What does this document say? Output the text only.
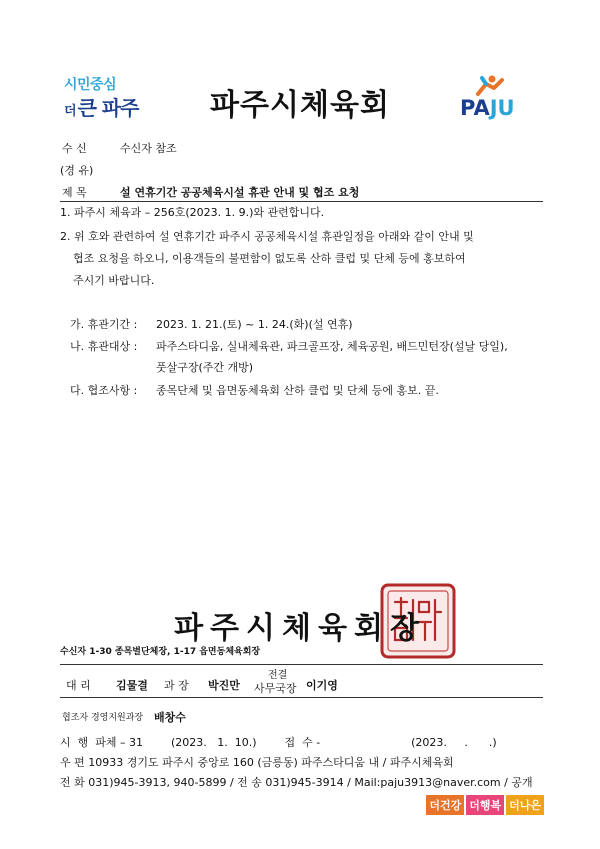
시민중심
더 큰 파주	파주시체육회	PAJU
수 신	수신자 참조
(경 유)
제 목	설 연휴기간 공공체육시설 휴관 안내 및 협조 요청
1. 파주시 체육과 – 256호(2023. 1. 9.)와 관련합니다.
2. 위 호와 관련하여 설 연휴기간 파주시 공공체육시설 휴관일정을 아래와 같이 안내 및
협조 요청을 하오니, 이용객들의 불편함이 없도록 산하 클럽 및 단체 등에 홍보하여
주시기 바랍니다.
가. 휴관기간 : 2023. 1. 21.(토) ~ 1. 24.(화)(설 연휴)
나. 휴관대상 : 파주스타디움, 실내체육관, 파크골프장, 체육공원, 배드민턴장(설날 당일),
풋살구장(주간 개방)
다. 협조사항 : 종목단체 및 읍면동체육회 산하 클럽 및 단체 등에 홍보. 끝.
파주시체육회장
수신자 1-30 종목별단체장, 1-17 읍면동체육회장
대 리 김물결 과 장 박진만
전결
사무국장 이기영
협조자 경영지원과장 배창수
시  행  파체 – 31        (2023.   1.  10.)        접  수 -                          (2023.     .      .)
우 편 10933 경기도 파주시 중앙로 160 (금릉동) 파주스타디움 내 / 파주시체육회
전 화 031)945-3913, 940-5899 / 전 송 031)945-3914 / Mail:paju3913@naver.com / 공개
더건강 더행복 더나은
